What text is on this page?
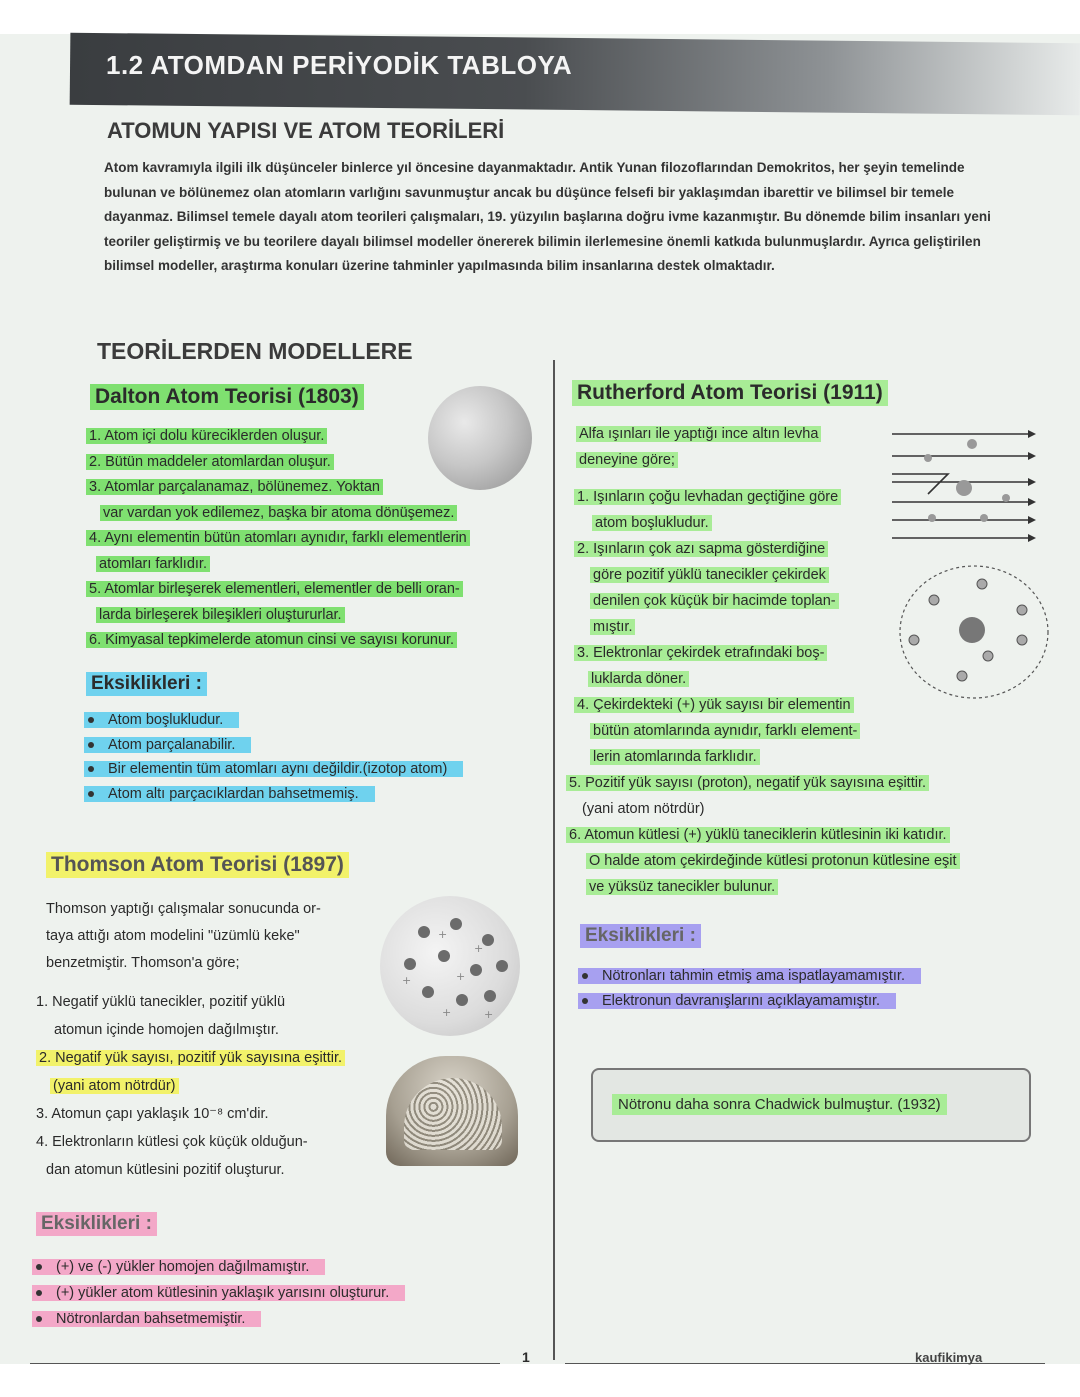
1.2 ATOMDAN PERİYODİK TABLOYA
ATOMUN YAPISI VE ATOM TEORİLERİ
Atom kavramıyla ilgili ilk düşünceler binlerce yıl öncesine dayanmaktadır. Antik Yunan filozoflarından Demokritos, her şeyin temelinde bulunan ve bölünemez olan atomların varlığını savunmuştur ancak bu düşünce felsefi bir yaklaşımdan ibarettir ve bilimsel bir temele dayanmaz. Bilimsel temele dayalı atom teorileri çalışmaları, 19. yüzyılın başlarına doğru ivme kazanmıştır. Bu dönemde bilim insanları yeni teoriler geliştirmiş ve bu teorilere dayalı bilimsel modeller önererek bilimin ilerlemesine önemli katkıda bulunmuşlardır. Ayrıca geliştirilen bilimsel modeller, araştırma konuları üzerine tahminler yapılmasında bilim insanlarına destek olmaktadır.
TEORİLERDEN MODELLERE
Dalton Atom Teorisi (1803)
1. Atom içi dolu küreciklerden oluşur.
2. Bütün maddeler atomlardan oluşur.
3. Atomlar parçalanamaz, bölünemez. Yoktan
var vardan yok edilemez, başka bir atoma dönüşemez.
4. Aynı elementin bütün atomları aynıdır, farklı elementlerin
atomları farklıdır.
5. Atomlar birleşerek elementleri, elementler de belli oran-
larda birleşerek bileşikleri oluştururlar.
6. Kimyasal tepkimelerde atomun cinsi ve sayısı korunur.
Eksiklikleri :
Atom boşlukludur.
Atom parçalanabilir.
Bir elementin tüm atomları aynı değildir.(izotop atom)
Atom altı parçacıklardan bahsetmemiş.
Thomson Atom Teorisi (1897)
+
+
+	+
+	+
Thomson yaptığı çalışmalar sonucunda or-
taya attığı atom modelini "üzümlü keke"
benzetmiştir. Thomson'a göre;
1. Negatif yüklü tanecikler, pozitif yüklü
atomun içinde homojen dağılmıştır.
2. Negatif yük sayısı, pozitif yük sayısına eşittir.
(yani atom nötrdür)
3. Atomun çapı yaklaşık 10⁻⁸ cm'dir.
4. Elektronların kütlesi çok küçük olduğun-
dan atomun kütlesini pozitif oluşturur.
Eksiklikleri :
(+) ve (-) yükler homojen dağılmamıştır.
(+) yükler atom kütlesinin yaklaşık yarısını oluşturur.
Nötronlardan bahsetmemiştir.
Rutherford Atom Teorisi (1911)
Alfa ışınları ile yaptığı ince altın levha
deneyine göre;
1. Işınların çoğu levhadan geçtiğine göre
atom boşlukludur.
2. Işınların çok azı sapma gösterdiğine
göre pozitif yüklü tanecikler çekirdek
denilen çok küçük bir hacimde toplan-
mıştır.
3. Elektronlar çekirdek etrafındaki boş-
luklarda döner.
4. Çekirdekteki (+) yük sayısı bir elementin
bütün atomlarında aynıdır, farklı element-
lerin atomlarında farklıdır.
5. Pozitif yük sayısı (proton), negatif yük sayısına eşittir.
(yani atom nötrdür)
6. Atomun kütlesi (+) yüklü taneciklerin kütlesinin iki katıdır.
O halde atom çekirdeğinde kütlesi protonun kütlesine eşit
ve yüksüz tanecikler bulunur.
Eksiklikleri :
Nötronları tahmin etmiş ama ispatlayamamıştır.
Elektronun davranışlarını açıklayamamıştır.
Nötronu daha sonra Chadwick bulmuştur. (1932)
1	kaufikimya
